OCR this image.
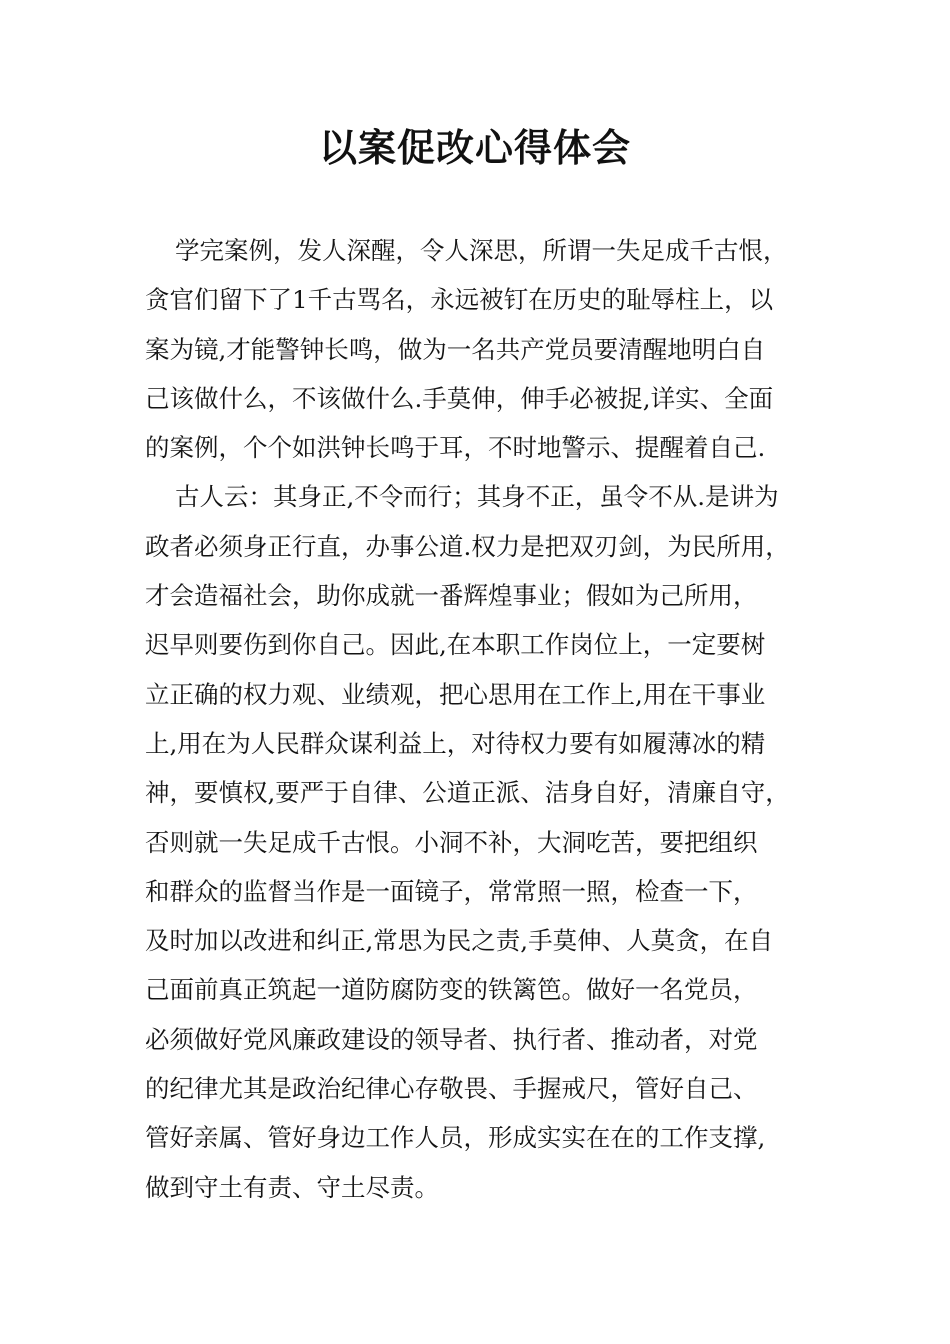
以案促改心得体会
学完案例，发人深醒，令人深思，所谓一失足成千古恨，
贪官们留下了1千古骂名，永远被钉在历史的耻辱柱上，以
案为镜,才能警钟长鸣，做为一名共产党员要清醒地明白自
己该做什么，不该做什么.手莫伸，伸手必被捉,详实、全面
的案例，个个如洪钟长鸣于耳，不时地警示、提醒着自己.
古人云：其身正,不令而行；其身不正，虽令不从.是讲为
政者必须身正行直，办事公道.权力是把双刃剑，为民所用，
才会造福社会，助你成就一番辉煌事业；假如为己所用，
迟早则要伤到你自己。因此,在本职工作岗位上，一定要树
立正确的权力观、业绩观，把心思用在工作上,用在干事业
上,用在为人民群众谋利益上，对待权力要有如履薄冰的精
神，要慎权,要严于自律、公道正派、洁身自好，清廉自守，
否则就一失足成千古恨。小洞不补，大洞吃苦，要把组织
和群众的监督当作是一面镜子，常常照一照，检查一下，
及时加以改进和纠正,常思为民之责,手莫伸、人莫贪，在自
己面前真正筑起一道防腐防变的铁篱笆。做好一名党员，
必须做好党风廉政建设的领导者、执行者、推动者，对党
的纪律尤其是政治纪律心存敬畏、手握戒尺，管好自己、
管好亲属、管好身边工作人员，形成实实在在的工作支撑,
做到守土有责、守土尽责。
